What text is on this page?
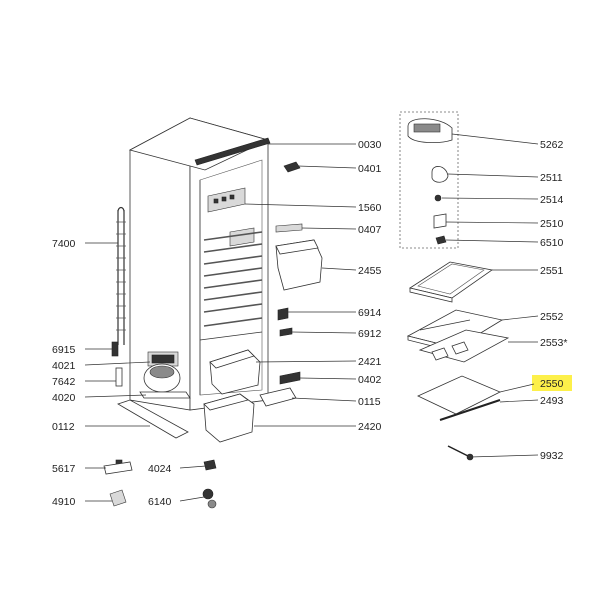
0030
0401
1560
0407
2455
6914
6912
2421
0402
0115
2420
7400
6915
4021
7642
4020
0112
5617	4024
4910	6140
5262
2511
2514
2510
6510
2551
2552
2553*
2550
2493
9932
